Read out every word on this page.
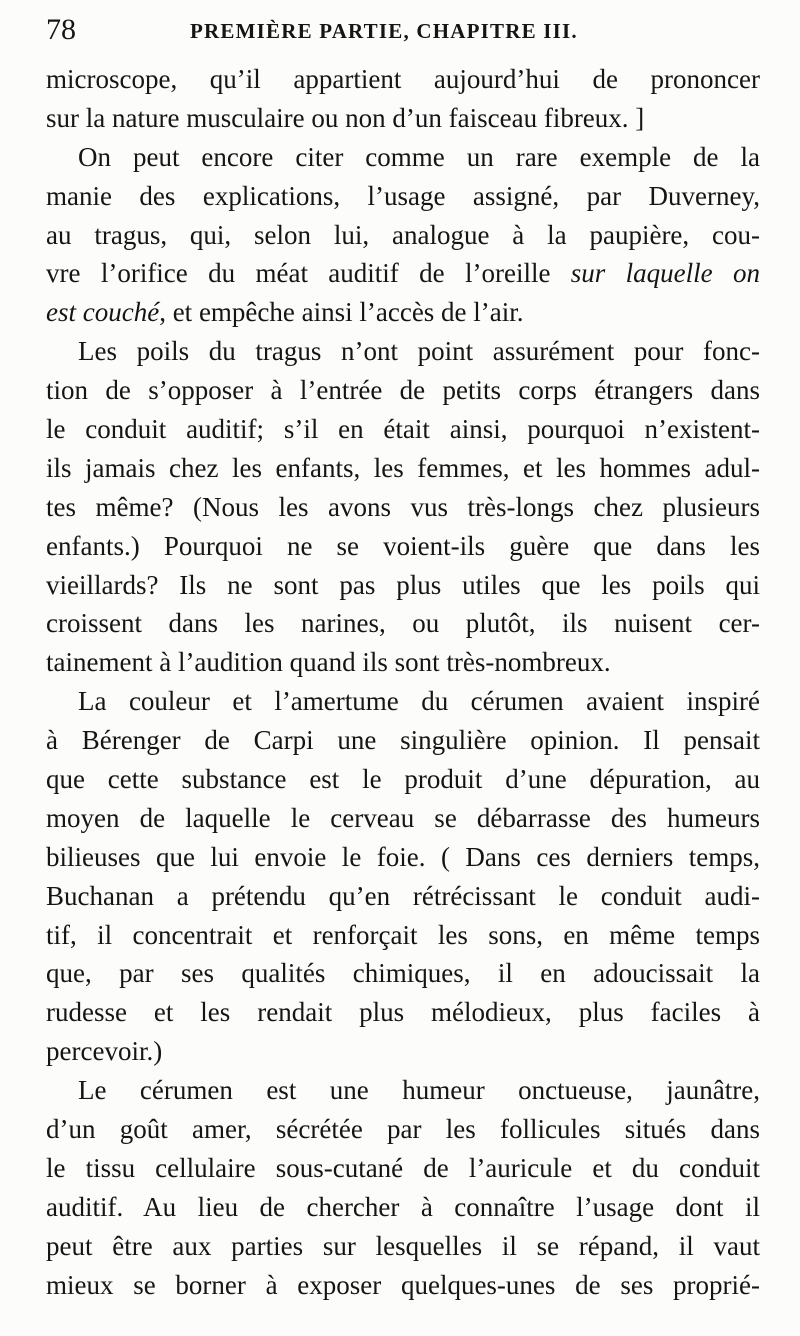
78	PREMIÈRE PARTIE, CHAPITRE III.

microscope, qu’il appartient aujourd’hui de prononcer

sur la nature musculaire ou non d’un faisceau fibreux. ]

On peut encore citer comme un rare exemple de la

manie des explications, l’usage assigné, par Duverney,

au tragus, qui, selon lui, analogue à la paupière, cou-

vre l’orifice du méat auditif de l’oreille sur laquelle on

est couché, et empêche ainsi l’accès de l’air.

Les poils du tragus n’ont point assurément pour fonc-

tion de s’opposer à l’entrée de petits corps étrangers dans

le conduit auditif; s’il en était ainsi, pourquoi n’existent-

ils jamais chez les enfants, les femmes, et les hommes adul-

tes même? (Nous les avons vus très-longs chez plusieurs

enfants.) Pourquoi ne se voient-ils guère que dans les

vieillards? Ils ne sont pas plus utiles que les poils qui

croissent dans les narines, ou plutôt, ils nuisent cer-

tainement à l’audition quand ils sont très-nombreux.

La couleur et l’amertume du cérumen avaient inspiré

à Bérenger de Carpi une singulière opinion. Il pensait

que cette substance est le produit d’une dépuration, au

moyen de laquelle le cerveau se débarrasse des humeurs

bilieuses que lui envoie le foie. ( Dans ces derniers temps,

Buchanan a prétendu qu’en rétrécissant le conduit audi-

tif, il concentrait et renforçait les sons, en même temps

que, par ses qualités chimiques, il en adoucissait la

rudesse et les rendait plus mélodieux, plus faciles à

percevoir.)

Le cérumen est une humeur onctueuse, jaunâtre,

d’un goût amer, sécrétée par les follicules situés dans

le tissu cellulaire sous-cutané de l’auricule et du conduit

auditif. Au lieu de chercher à connaître l’usage dont il

peut être aux parties sur lesquelles il se répand, il vaut

mieux se borner à exposer quelques-unes de ses proprié-
